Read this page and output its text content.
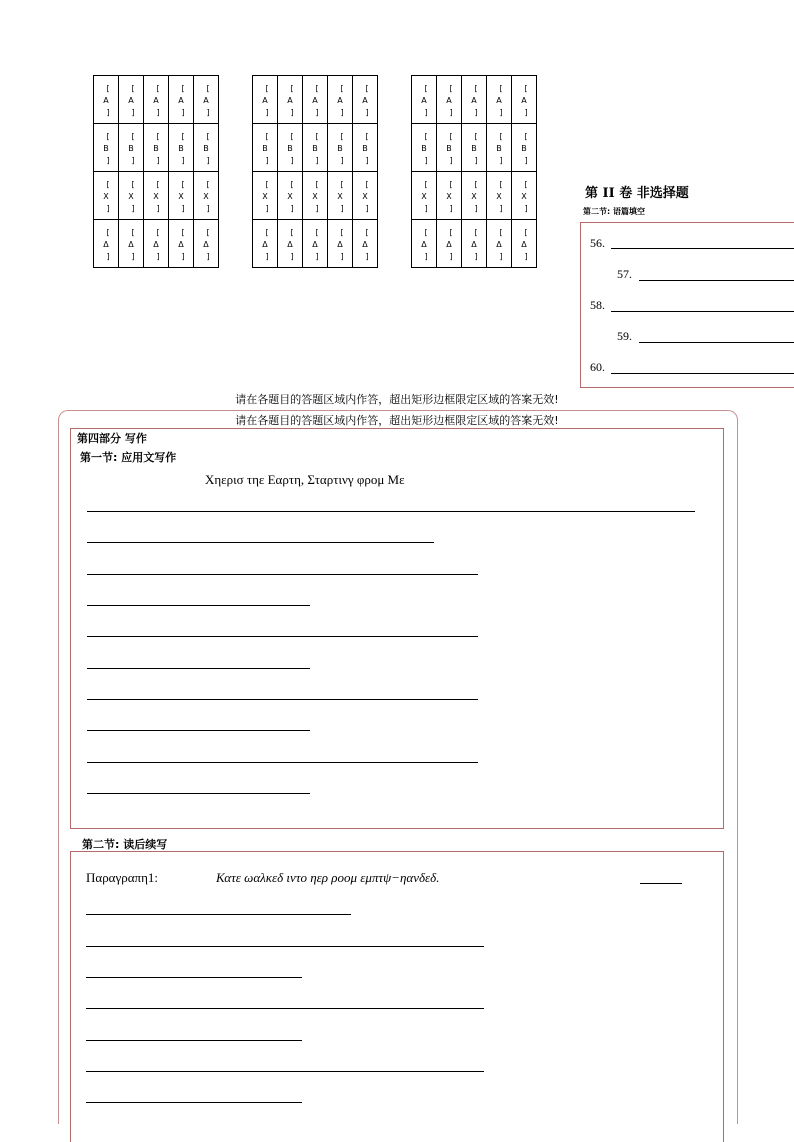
[
A
]	[
A
]	[
A
]	[
A
]	[
A
]

[
B
]	[
B
]	[
B
]	[
B
]	[
B
]

[
X
]	[
X
]	[
X
]	[
X
]	[
X
]

[
Δ
]	[
Δ
]	[
Δ
]	[
Δ
]	[
Δ
]
[
A
]	[
A
]	[
A
]	[
A
]	[
A
]

[
B
]	[
B
]	[
B
]	[
B
]	[
B
]

[
X
]	[
X
]	[
X
]	[
X
]	[
X
]

[
Δ
]	[
Δ
]	[
Δ
]	[
Δ
]	[
Δ
]
[
A
]	[
A
]	[
A
]	[
A
]	[
A
]

[
B
]	[
B
]	[
B
]	[
B
]	[
B
]

[
X
]	[
X
]	[
X
]	[
X
]	[
X
]

[
Δ
]	[
Δ
]	[
Δ
]	[
Δ
]	[
Δ
]
第 II 卷 非选择题
第二节: 语篇填空
56.
57.
58.
59.
60.
请在各题目的答题区域内作答，超出矩形边框限定区域的答案无效!
请在各题目的答题区域内作答，超出矩形边框限定区域的答案无效!
第四部分 写作
第一节: 应用文写作
Χηερισ τηε Εαρτη, Σταρτινγ φρομ Με
第二节: 读后续写
Παραγραπη1:	Κατε ωαλκεδ ιντο ηερ ροομ εμπτψ−ηανδεδ.
